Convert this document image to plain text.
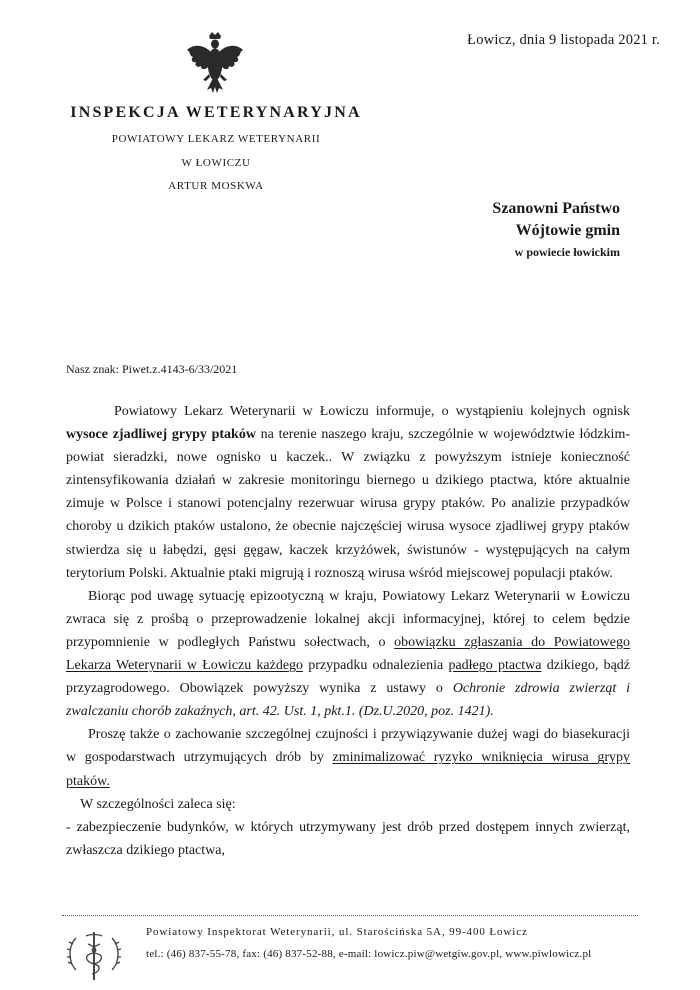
Łowicz, dnia 9 listopada 2021 r.
INSPEKCJA WETERYNARYJNA
POWIATOWY LEKARZ WETERYNARII
W ŁOWICZU
ARTUR MOSKWA
Szanowni Państwo
Wójtowie gmin
w powiecie łowickim
Nasz znak: Piwet.z.4143-6/33/2021

Powiatowy Lekarz Weterynarii w Łowiczu informuje, o wystąpieniu kolejnych ognisk wysoce zjadliwej grypy ptaków na terenie naszego kraju, szczególnie w województwie łódzkim- powiat sieradzki, nowe ognisko u kaczek.. W związku z powyższym istnieje konieczność zintensyfikowania działań w zakresie monitoringu biernego u dzikiego ptactwa, które aktualnie zimuje w Polsce i stanowi potencjalny rezerwuar wirusa grypy ptaków. Po analizie przypadków choroby u dzikich ptaków ustalono, że obecnie najczęściej wirusa wysoce zjadliwej grypy ptaków stwierdza się u łabędzi, gęsi gęgaw, kaczek krzyżówek, świstunów - występujących na całym terytorium Polski. Aktualnie ptaki migrują i roznoszą wirusa wśród miejscowej populacji ptaków.

Biorąc pod uwagę sytuację epizootyczną w kraju, Powiatowy Lekarz Weterynarii w Łowiczu zwraca się z prośbą o przeprowadzenie lokalnej akcji informacyjnej, której to celem będzie przypomnienie w podległych Państwu sołectwach, o obowiązku zgłaszania do Powiatowego Lekarza Weterynarii w Łowiczu każdego przypadku odnalezienia padłego ptactwa dzikiego, bądź przyzagrodowego. Obowiązek powyższy wynika z ustawy o Ochronie zdrowia zwierząt i zwalczaniu chorób zakaźnych, art. 42. Ust. 1, pkt.1. (Dz.U.2020, poz. 1421).

Proszę także o zachowanie szczególnej czujności i przywiązywanie dużej wagi do biasekuracji w gospodarstwach utrzymujących drób by zminimalizować ryzyko wniknięcia wirusa grypy ptaków.

W szczególności zaleca się:

- zabezpieczenie budynków, w których utrzymywany jest drób przed dostępem innych zwierząt, zwłaszcza dzikiego ptactwa,

Powiatowy Inspektorat Weterynarii, ul. Starościńska 5A, 99-400 Łowicz
tel.: (46) 837-55-78, fax: (46) 837-52-88, e-mail: lowicz.piw@wetgiw.gov.pl, www.piwlowicz.pl
